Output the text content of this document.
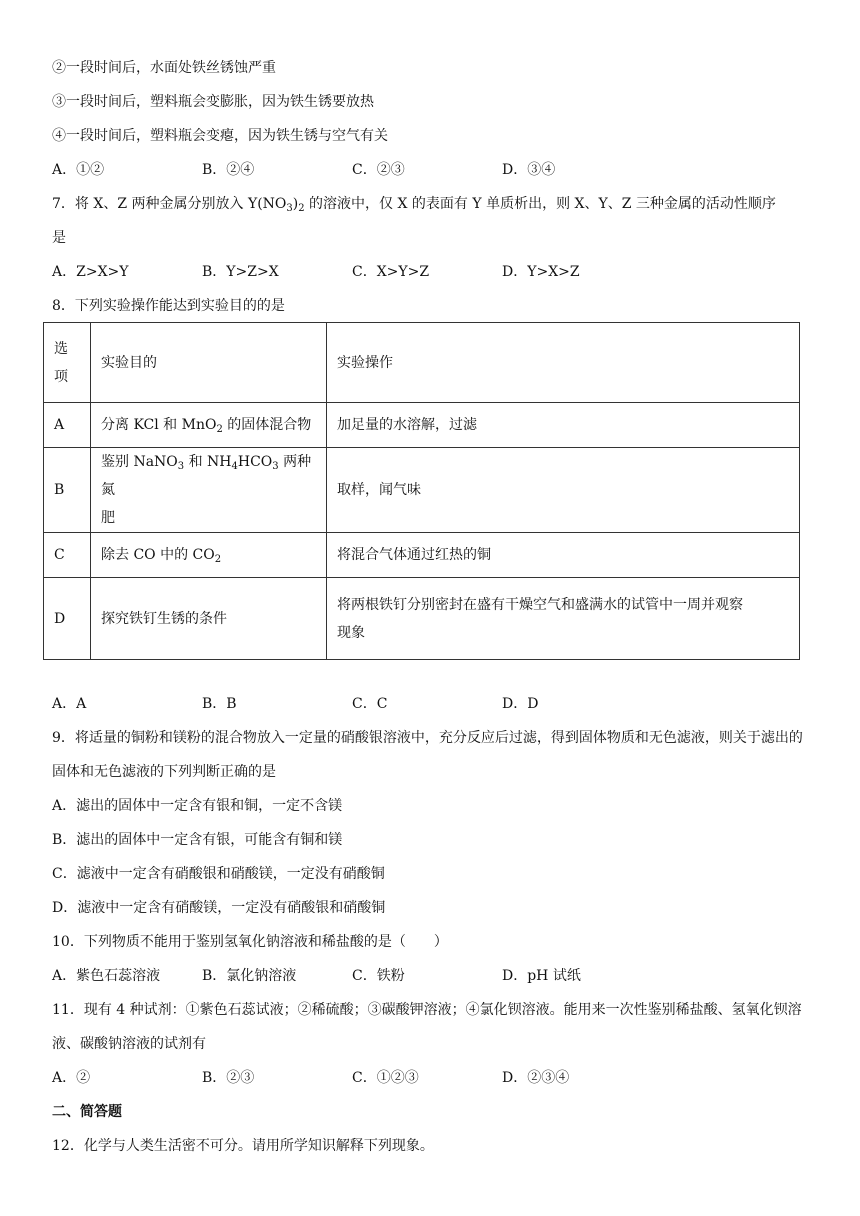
②一段时间后，水面处铁丝锈蚀严重
③一段时间后，塑料瓶会变膨胀，因为铁生锈要放热
④一段时间后，塑料瓶会变瘪，因为铁生锈与空气有关
A．①②	B．②④	C．②③	D．③④
7．将 X、Z 两种金属分别放入 $Y(NO_3)_2$ 的溶液中，仅 X 的表面有 Y 单质析出，则 X、Y、Z 三种金属的活动性顺序
是
A．Z>X>Y	B．Y>Z>X	C．X>Y>Z	D．Y>X>Z
8．下列实验操作能达到实验目的的是
选
项	实验目的	实验操作
A	分离 KCl 和 MnO$_2$ 的固体混合物	加足量的水溶解，过滤
B	鉴别 NaNO$_3$ 和 $NH_4HCO_3$ 两种氮
肥	取样，闻气味
C	除去 CO 中的 $CO_2$	将混合气体通过红热的铜
D	探究铁钉生锈的条件	将两根铁钉分别密封在盛有干燥空气和盛满水的试管中一周并观察
现象
A．A	B．B	C．C	D．D
9．将适量的铜粉和镁粉的混合物放入一定量的硝酸银溶液中，充分反应后过滤，得到固体物质和无色滤液，则关于滤出的固体和无色滤液的下列判断正确的是
A．滤出的固体中一定含有银和铜，一定不含镁
B．滤出的固体中一定含有银，可能含有铜和镁
C．滤液中一定含有硝酸银和硝酸镁，一定没有硝酸铜
D．滤液中一定含有硝酸镁，一定没有硝酸银和硝酸铜
10．下列物质不能用于鉴别氢氧化钠溶液和稀盐酸的是（　　）
A．紫色石蕊溶液	B．氯化钠溶液	C．铁粉	D．pH 试纸
11．现有 4 种试剂：①紫色石蕊试液；②稀硫酸；③碳酸钾溶液；④氯化钡溶液。能用来一次性鉴别稀盐酸、氢氧化钡溶液、碳酸钠溶液的试剂有
A．②	B．②③	C．①②③	D．②③④
二、简答题
12．化学与人类生活密不可分。请用所学知识解释下列现象。
